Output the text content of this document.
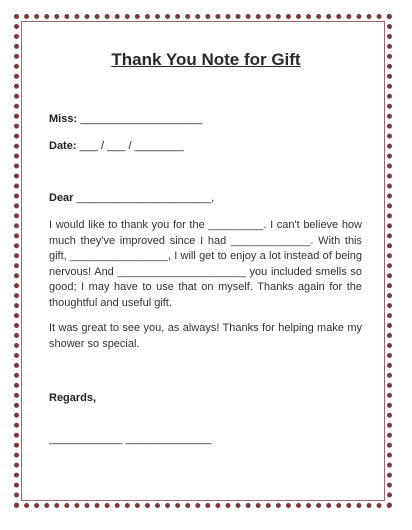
Thank You Note for Gift
Miss: ____________________
Date: ___ / ___ / ________
Dear ______________________,
I would like to thank you for the _________. I can't believe how much they've improved since I had _____________. With this gift, ________________, I will get to enjoy a lot instead of being nervous! And _____________________ you included smells so good; I may have to use that on myself. Thanks again for the thoughtful and useful gift.
It was great to see you, as always! Thanks for helping make my shower so special.
Regards,
____________ ______________
